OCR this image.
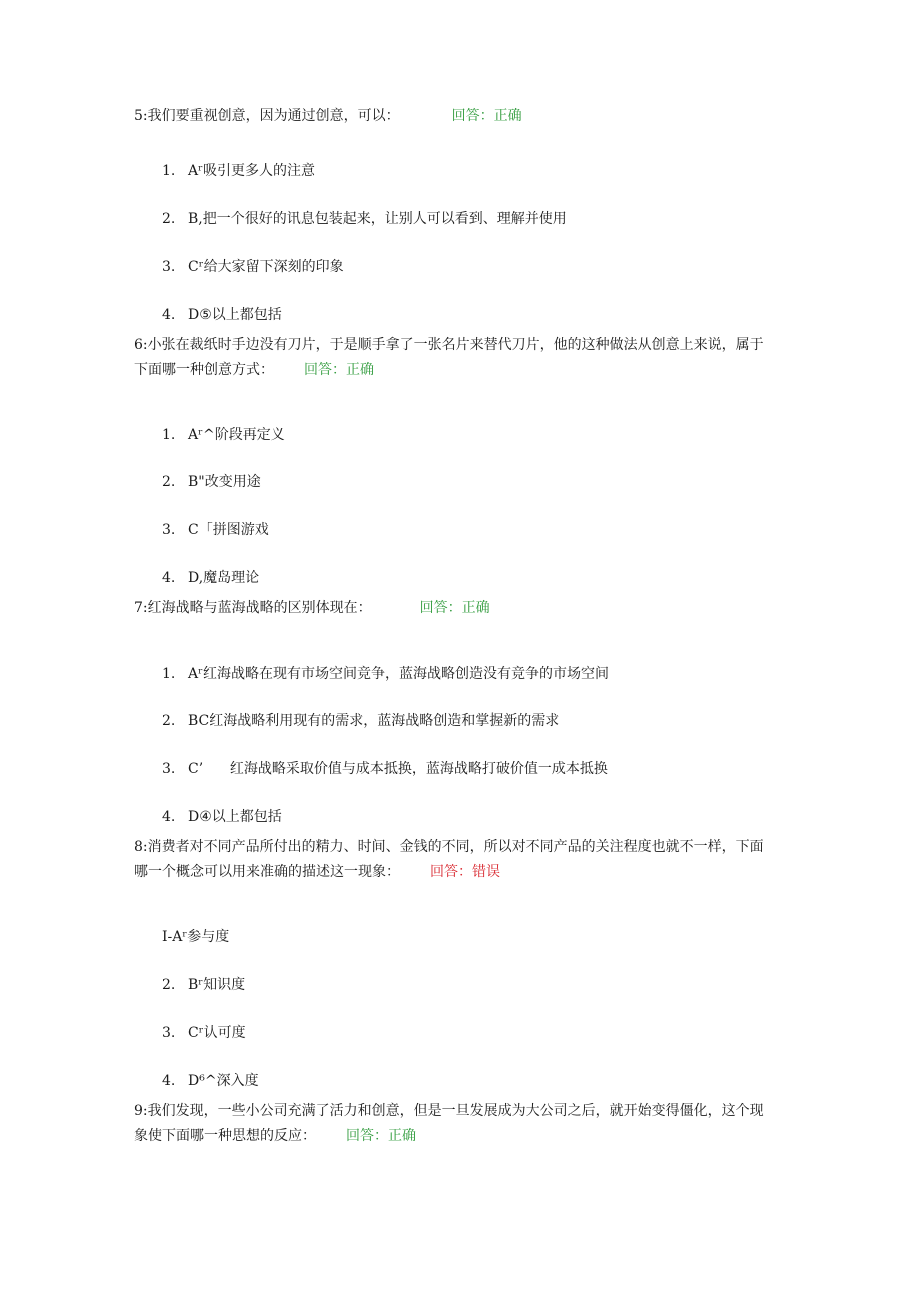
5:我们要重视创意，因为通过创意，可以：	回答：正确
1. Aʳ吸引更多人的注意
2. B,把一个很好的讯息包装起来，让别人可以看到、理解并使用
3. Cʳ给大家留下深刻的印象
4. D⑤以上都包括
6:小张在裁纸时手边没有刀片，于是顺手拿了一张名片来替代刀片，他的这种做法从创意上来说，属于下面哪一种创意方式： 回答：正确
1. Aʳ^阶段再定义
2. B"改变用途
3. C「拼图游戏
4. D,魔岛理论
7:红海战略与蓝海战略的区别体现在：	回答：正确
1. Aʳ红海战略在现有市场空间竞争，蓝海战略创造没有竞争的市场空间
2. BC红海战略利用现有的需求，蓝海战略创造和掌握新的需求
3. C’      红海战略采取价值与成本抵换，蓝海战略打破价值一成本抵换
4. D④以上都包括
8:消费者对不同产品所付出的精力、时间、金钱的不同，所以对不同产品的关注程度也就不一样，下面哪一个概念可以用来准确的描述这一现象： 回答：错误
I-Aʳ参与度
2. Bʳ知识度
3. Cʳ认可度
4. D⁶^深入度
9:我们发现，一些小公司充满了活力和创意，但是一旦发展成为大公司之后，就开始变得僵化，这个现象使下面哪一种思想的反应： 回答：正确
